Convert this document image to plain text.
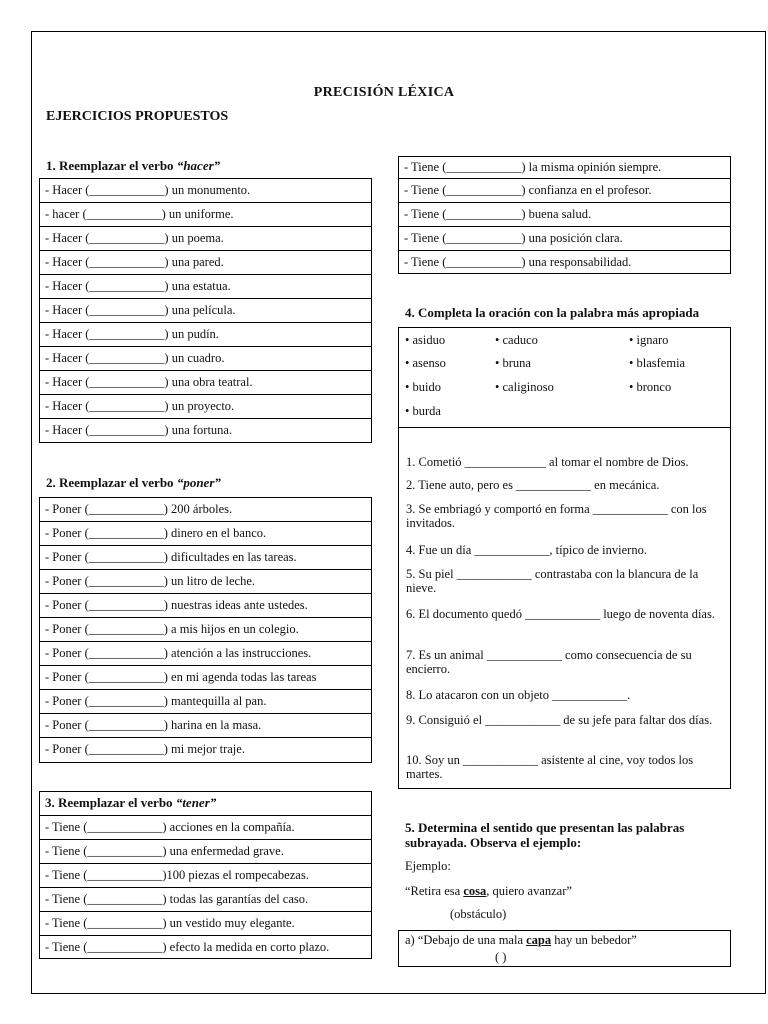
PRECISIÓN LÉXICA
EJERCICIOS PROPUESTOS
1. Reemplazar el verbo “hacer”
- Hacer (____________) un monumento.
- hacer (____________) un uniforme.
- Hacer (____________) un poema.
- Hacer (____________) una pared.
- Hacer (____________) una estatua.
- Hacer (____________) una película.
- Hacer (____________) un pudín.
- Hacer (____________) un cuadro.
- Hacer (____________) una obra teatral.
- Hacer (____________) un proyecto.
- Hacer (____________) una fortuna.
2. Reemplazar el verbo “poner”
- Poner (____________) 200 árboles.
- Poner (____________) dinero en el banco.
- Poner (____________) dificultades en las tareas.
- Poner (____________) un litro de leche.
- Poner (____________) nuestras ideas ante ustedes.
- Poner (____________) a mis hijos en un colegio.
- Poner (____________) atención a las instrucciones.
- Poner (____________) en mi agenda todas las tareas
- Poner (____________) mantequilla al pan.
- Poner (____________) harina en la masa.
- Poner (____________) mi mejor traje.
3. Reemplazar el verbo “tener”
- Tiene (____________) acciones en la compañía.
- Tiene (____________) una enfermedad grave.
- Tiene (____________)100 piezas el rompecabezas.
- Tiene (____________) todas las garantías del caso.
- Tiene (____________) un vestido muy elegante.
- Tiene (____________) efecto la medida en corto plazo.
- Tiene (____________) la misma opinión siempre.
- Tiene (____________) confianza en el profesor.
- Tiene (____________) buena salud.
- Tiene (____________) una posición clara.
- Tiene (____________) una responsabilidad.
4. Completa la oración con la palabra más apropiada
• asiduo
• asenso
• buido
• burda
• caduco
• bruna
• caliginoso
• ignaro
• blasfemia
• bronco
1. Cometió _____________ al tomar el nombre de Dios.
2. Tiene auto, pero es ____________ en mecánica.
3. Se embriagó y comportó en forma ____________ con los invitados.
4. Fue un día ____________, típico de invierno.
5. Su piel ____________ contrastaba con la blancura de la nieve.
6. El documento quedó ____________ luego de noventa días.
7. Es un animal ____________ como consecuencia de su encierro.
8. Lo atacaron con un objeto ____________.
9. Consiguió el ____________ de su jefe para faltar dos días.
10. Soy un ____________ asistente al cine, voy todos los martes.
5. Determina el sentido que presentan las palabras subrayada. Observa el ejemplo:
Ejemplo:
“Retira esa cosa, quiero avanzar”
(obstáculo)
a) “Debajo de una mala capa hay un bebedor”
( )
